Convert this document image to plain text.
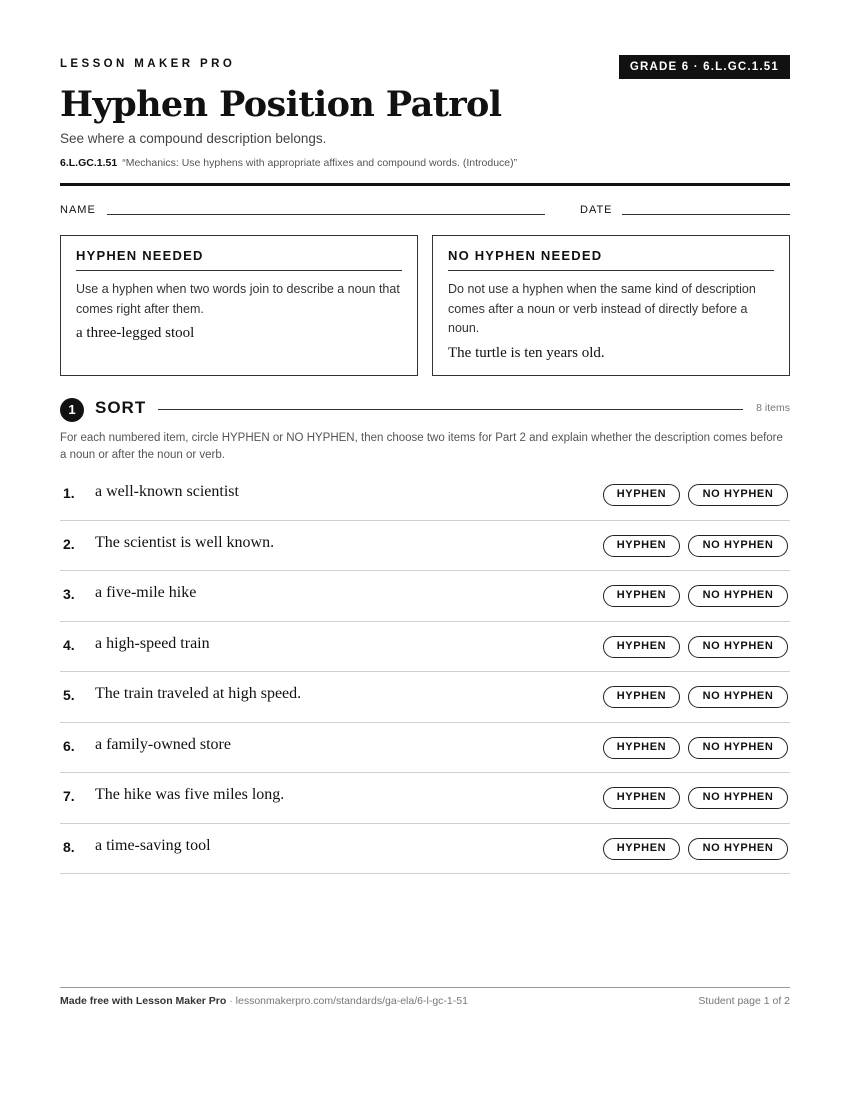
LESSON MAKER PRO	GRADE 6 · 6.L.GC.1.51
Hyphen Position Patrol
See where a compound description belongs.
6.L.GC.1.51 “Mechanics: Use hyphens with appropriate affixes and compound words. (Introduce)”
NAME	DATE
HYPHEN NEEDED
Use a hyphen when two words join to describe a noun that comes right after them.
a three-legged stool
NO HYPHEN NEEDED
Do not use a hyphen when the same kind of description comes after a noun or verb instead of directly before a noun.
The turtle is ten years old.
1	SORT	8 items
For each numbered item, circle HYPHEN or NO HYPHEN, then choose two items for Part 2 and explain whether the description comes before a noun or after the noun or verb.
1. a well-known scientist	HYPHEN	NO HYPHEN
2. The scientist is well known.	HYPHEN	NO HYPHEN
3. a five-mile hike	HYPHEN	NO HYPHEN
4. a high-speed train	HYPHEN	NO HYPHEN
5. The train traveled at high speed.	HYPHEN	NO HYPHEN
6. a family-owned store	HYPHEN	NO HYPHEN
7. The hike was five miles long.	HYPHEN	NO HYPHEN
8. a time-saving tool	HYPHEN	NO HYPHEN
Made free with Lesson Maker Pro · lessonmakerpro.com/standards/ga-ela/6-l-gc-1-51	Student page 1 of 2
